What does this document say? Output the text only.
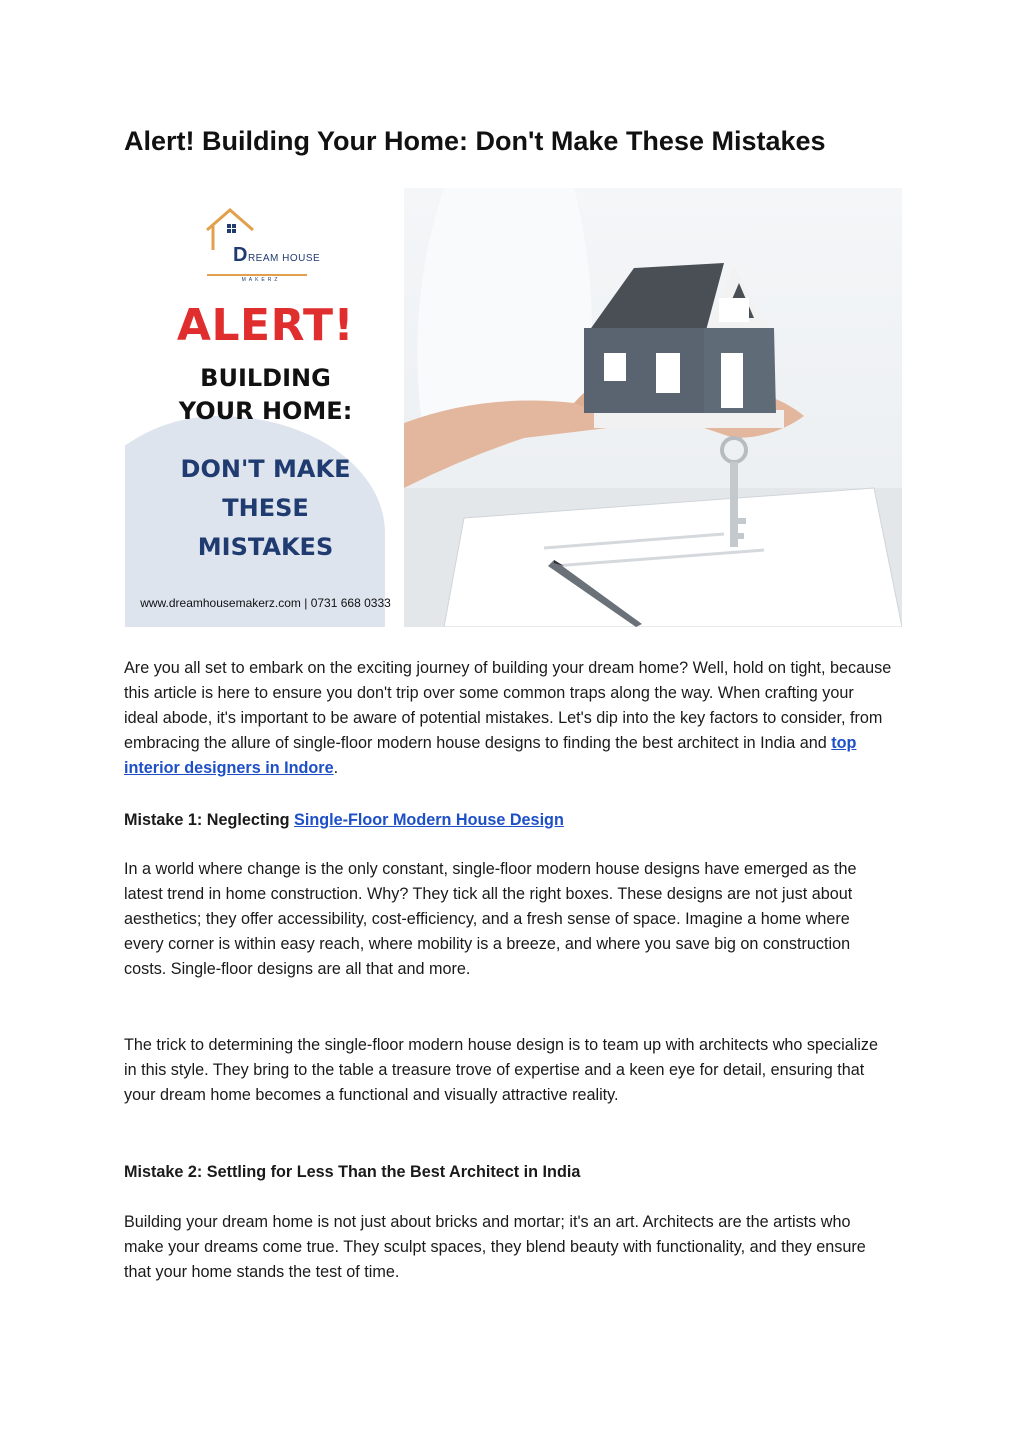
Alert! Building Your Home: Don't Make These Mistakes
DREAM HOUSE
MAKERZ
ALERT!
BUILDING
YOUR HOME:
DON'T MAKE
THESE
MISTAKES
www.dreamhousemakerz.com | 0731 668 0333

Are you all set to embark on the exciting journey of building your dream home? Well, hold on tight, because this article is here to ensure you don't trip over some common traps along the way. When crafting your ideal abode, it's important to be aware of potential mistakes. Let's dip into the key factors to consider, from embracing the allure of single-floor modern house designs to finding the best architect in India and top interior designers in Indore.

Mistake 1: Neglecting Single-Floor Modern House Design

In a world where change is the only constant, single-floor modern house designs have emerged as the latest trend in home construction. Why? They tick all the right boxes. These designs are not just about aesthetics; they offer accessibility, cost-efficiency, and a fresh sense of space. Imagine a home where every corner is within easy reach, where mobility is a breeze, and where you save big on construction costs. Single-floor designs are all that and more.

The trick to determining the single-floor modern house design is to team up with architects who specialize in this style. They bring to the table a treasure trove of expertise and a keen eye for detail, ensuring that your dream home becomes a functional and visually attractive reality.

Mistake 2: Settling for Less Than the Best Architect in India

Building your dream home is not just about bricks and mortar; it's an art. Architects are the artists who make your dreams come true. They sculpt spaces, they blend beauty with functionality, and they ensure that your home stands the test of time.
